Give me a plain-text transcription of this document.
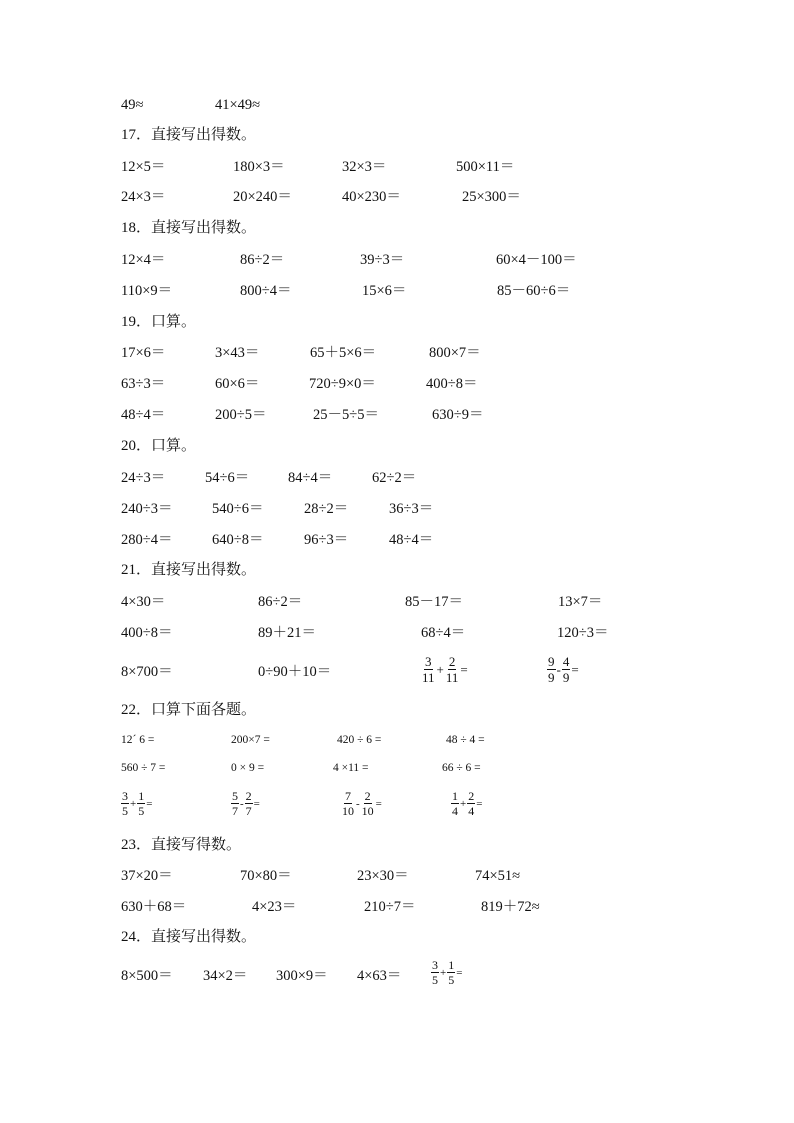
49≈	41×49≈
17．直接写出得数。
12×5＝	180×3＝	32×3＝	500×11＝
24×3＝	20×240＝	40×230＝	25×300＝
18．直接写出得数。
12×4＝	86÷2＝	39÷3＝	60×4－100＝
110×9＝	800÷4＝	15×6＝	85－60÷6＝
19．口算。
17×6＝	3×43＝	65＋5×6＝	800×7＝
63÷3＝	60×6＝	720÷9×0＝	400÷8＝
48÷4＝	200÷5＝	25－5÷5＝	630÷9＝
20．口算。
24÷3＝	54÷6＝	84÷4＝	62÷2＝
240÷3＝	540÷6＝	28÷2＝	36÷3＝
280÷4＝	640÷8＝	96÷3＝	48÷4＝
21．直接写出得数。
4×30＝	86÷2＝	85－17＝	13×7＝
400÷8＝	89＋21＝	68÷4＝	120÷3＝
8×700＝	0÷90＋10＝	$\frac{3}{11} + \frac{2}{11}$ =	$\frac{9}{9} - \frac{4}{9}$ =
22．口算下面各题。
12ˊ 6 =	200×7 =	420 ÷ 6 =	48 ÷ 4 =
560 ÷ 7 =	0 × 9 =	4 ×11 =	66 ÷ 6 =
$\frac{3}{5} + \frac{1}{5}$ =	$\frac{5}{7} - \frac{2}{7}$ =	$\frac{7}{10} - \frac{2}{10}$ =	$\frac{1}{4} + \frac{2}{4}$ =
23．直接写得数。
37×20＝	70×80＝	23×30＝	74×51≈
630＋68＝	4×23＝	210÷7＝	819＋72≈
24．直接写出得数。
$8\times 500= 34\times 2= 300\times 9= 4\times 63= \frac{3}{5} + \frac{1}{5}$ =
